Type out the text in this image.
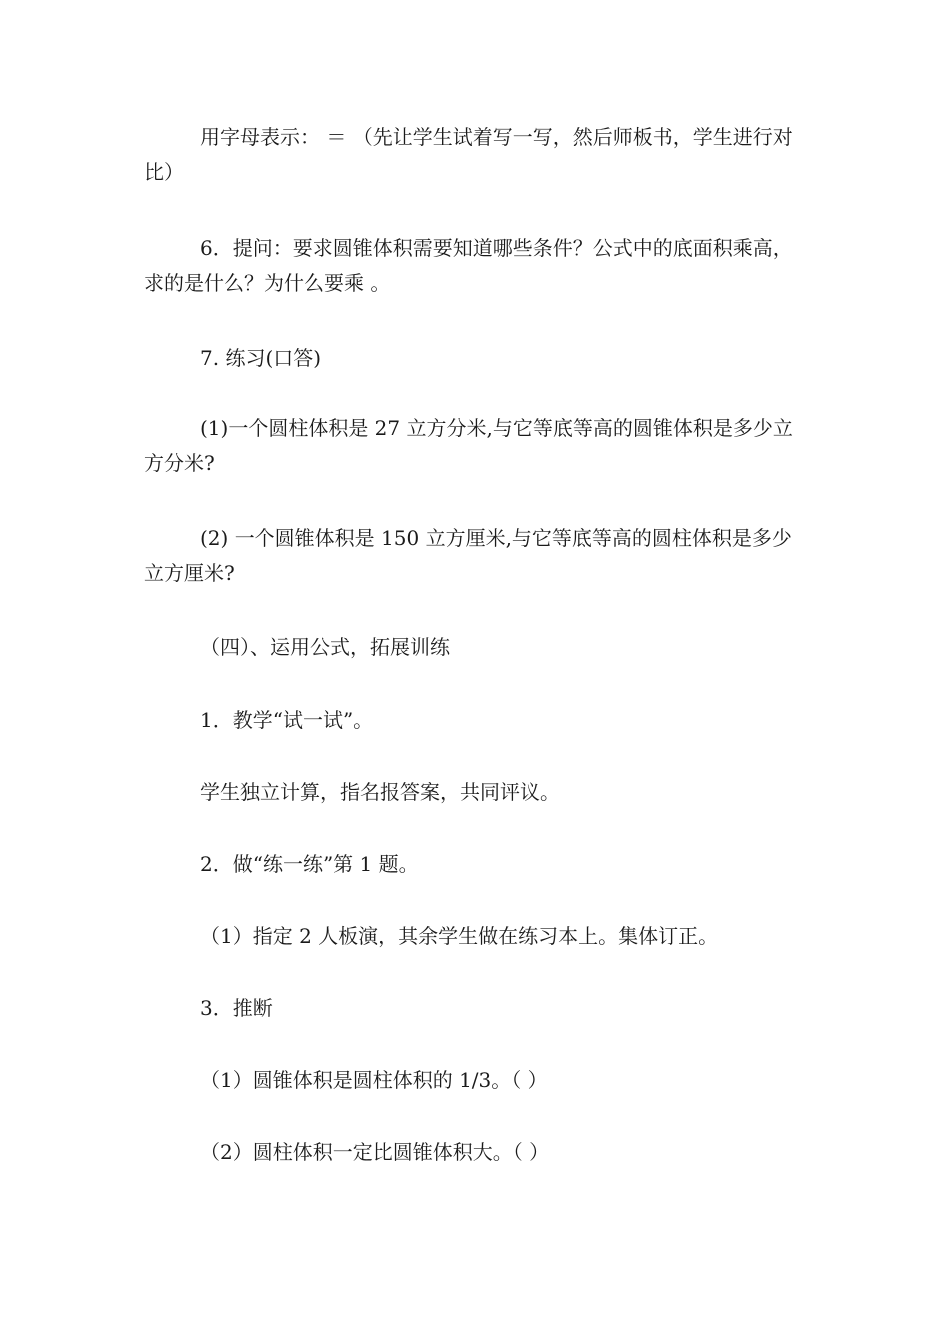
用字母表示： ＝ （先让学生试着写一写，然后师板书，学生进行对比）

6．提问：要求圆锥体积需要知道哪些条件？公式中的底面积乘高，求的是什么？为什么要乘 。

7. 练习(口答)

(1)一个圆柱体积是 27 立方分米,与它等底等高的圆锥体积是多少立方分米?

(2) 一个圆锥体积是 150 立方厘米,与它等底等高的圆柱体积是多少立方厘米?

（四）、运用公式，拓展训练

1．教学“试一试”。

学生独立计算，指名报答案，共同评议。

2．做“练一练”第 1 题。

（1）指定 2 人板演，其余学生做在练习本上。集体订正。

3．推断

（1）圆锥体积是圆柱体积的 1/3。（ ）

（2）圆柱体积一定比圆锥体积大。（ ）
